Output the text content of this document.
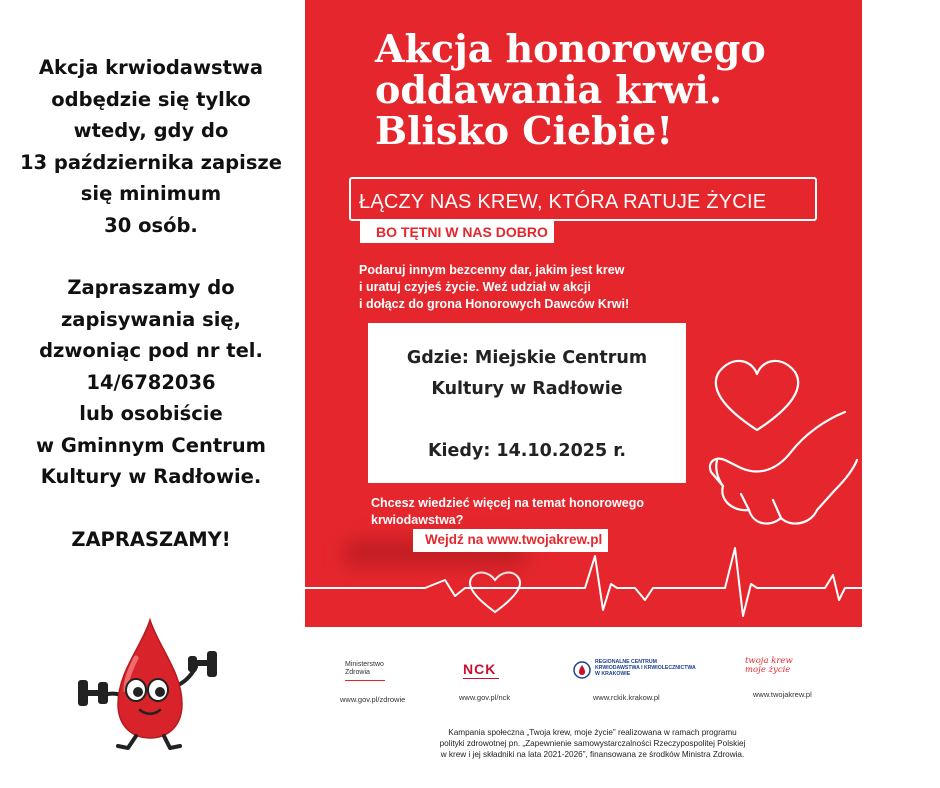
Akcja krwiodawstwa
odbędzie się tylko
wtedy, gdy do
13 października zapisze
się minimum
30 osób.

Zapraszamy do
zapisywania się,
dzwoniąc pod nr tel.
14/6782036
lub osobiście
w Gminnym Centrum
Kultury w Radłowie.

ZAPRASZAMY!

Akcja honorowego
oddawania krwi.
Blisko Ciebie!

ŁĄCZY NAS KREW, KTÓRA RATUJE ŻYCIE
BO TĘTNI W NAS DOBRO

Podaruj innym bezcenny dar, jakim jest krew
i uratuj czyjeś życie. Weź udział w akcji
i dołącz do grona Honorowych Dawców Krwi!

Gdzie: Miejskie Centrum
Kultury w Radłowie

Kiedy: 14.10.2025 r.

Chcesz wiedzieć więcej na temat honorowego krwiodawstwa?

Wejdź na www.twojakrew.pl
Ministerstwo
Zdrowia
www.gov.pl/zdrowie
NCK
www.gov.pl/nck
REGIONALNE CENTRUM
KRWIODAWSTWA I KRWIOLECZNICTWA
W KRAKOWIE
www.rckik.krakow.pl
twoja krew
moje życie
www.twojakrew.pl

Kampania społeczna „Twoja krew, moje życie” realizowana w ramach programu
polityki zdrowotnej pn. „Zapewnienie samowystarczalności Rzeczypospolitej Polskiej
w krew i jej składniki na lata 2021-2026”, finansowana ze środków Ministra Zdrowia.
